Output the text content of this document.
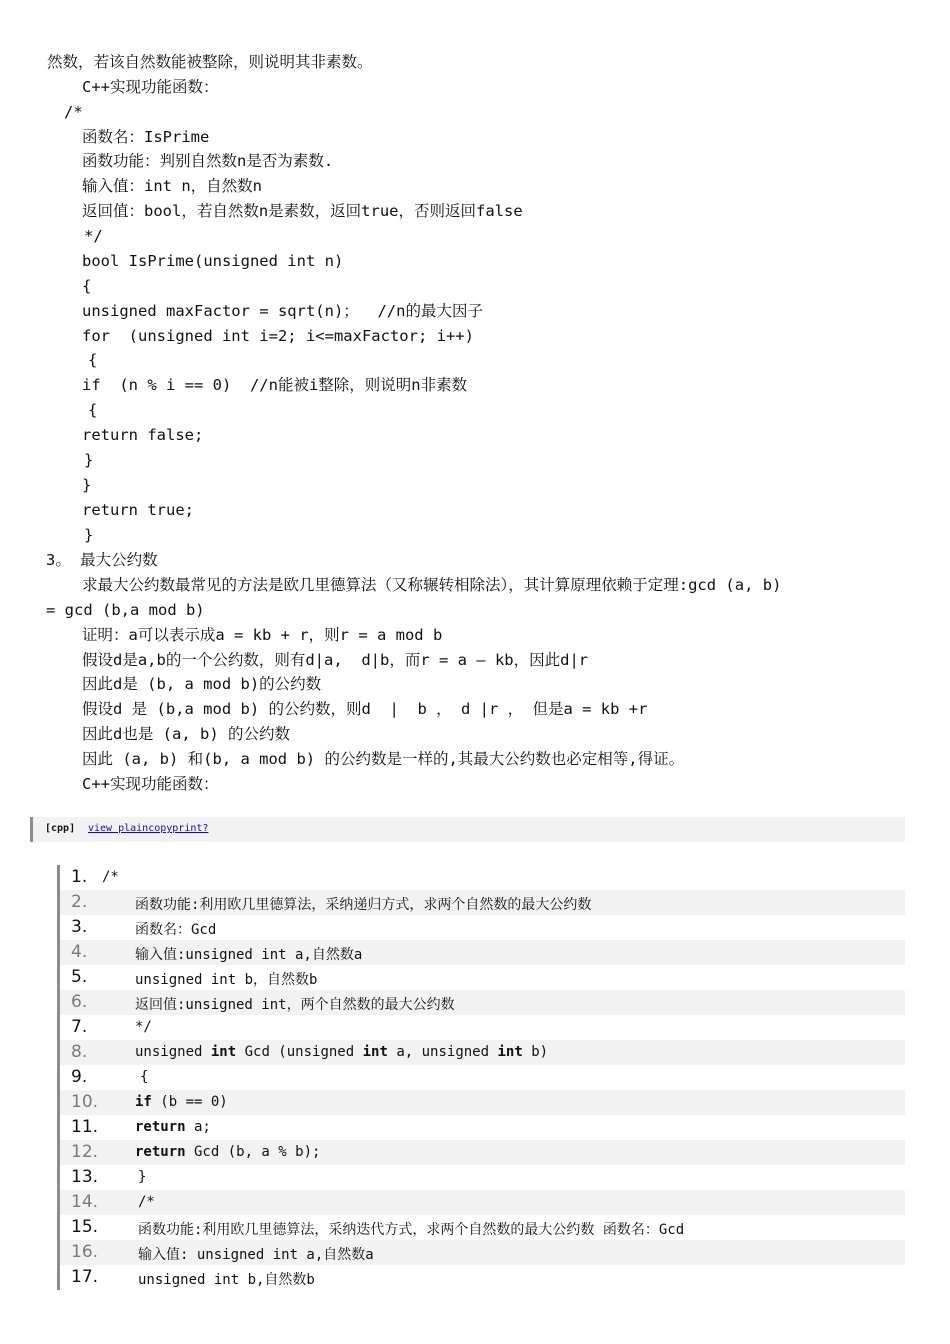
然数，若该自然数能被整除，则说明其非素数。
C++实现功能函数：
/*
函数名：IsPrime
函数功能：判别自然数n是否为素数.
输入值：int n，自然数n
返回值：bool，若自然数n是素数，返回true，否则返回false
*/
bool IsPrime(unsigned int n)
{
unsigned maxFactor = sqrt(n)；  //n的最大因子
for  (unsigned int i=2; i<=maxFactor; i++)
{
if  (n % i == 0)  //n能被i整除，则说明n非素数
{
return false;
}
}
return true;
}
3。 最大公约数
求最大公约数最常见的方法是欧几里德算法（又称辗转相除法），其计算原理依赖于定理:gcd (a, b)
= gcd (b,a mod b)
证明：a可以表示成a = kb + r，则r = a mod b
假设d是a,b的一个公约数，则有d|a,  d|b，而r = a — kb，因此d|r
因此d是 (b, a mod b)的公约数
假设d 是 (b,a mod b) 的公约数，则d  |  b ， d |r ， 但是a = kb +r
因此d也是 (a, b) 的公约数
因此 (a, b) 和(b, a mod b) 的公约数是一样的,其最大公约数也必定相等,得证。
C++实现功能函数：
[cpp] view plaincopyprint?
1. /*
2.	函数功能:利用欧几里德算法，采纳递归方式，求两个自然数的最大公约数
3.	函数名：Gcd
4.	输入值:unsigned int a,自然数a
5.	unsigned int b，自然数b
6.	返回值:unsigned int，两个自然数的最大公约数
7.	*/
8.	unsigned int Gcd (unsigned int a, unsigned int b)
9.	{
10.	if (b == 0)
11.	return a;
12.	return Gcd (b, a % b);
13.	}
14.	/*
15.	函数功能:利用欧几里德算法，采纳迭代方式，求两个自然数的最大公约数 函数名：Gcd
16.	输入值: unsigned int a,自然数a
17.	unsigned int b,自然数b
